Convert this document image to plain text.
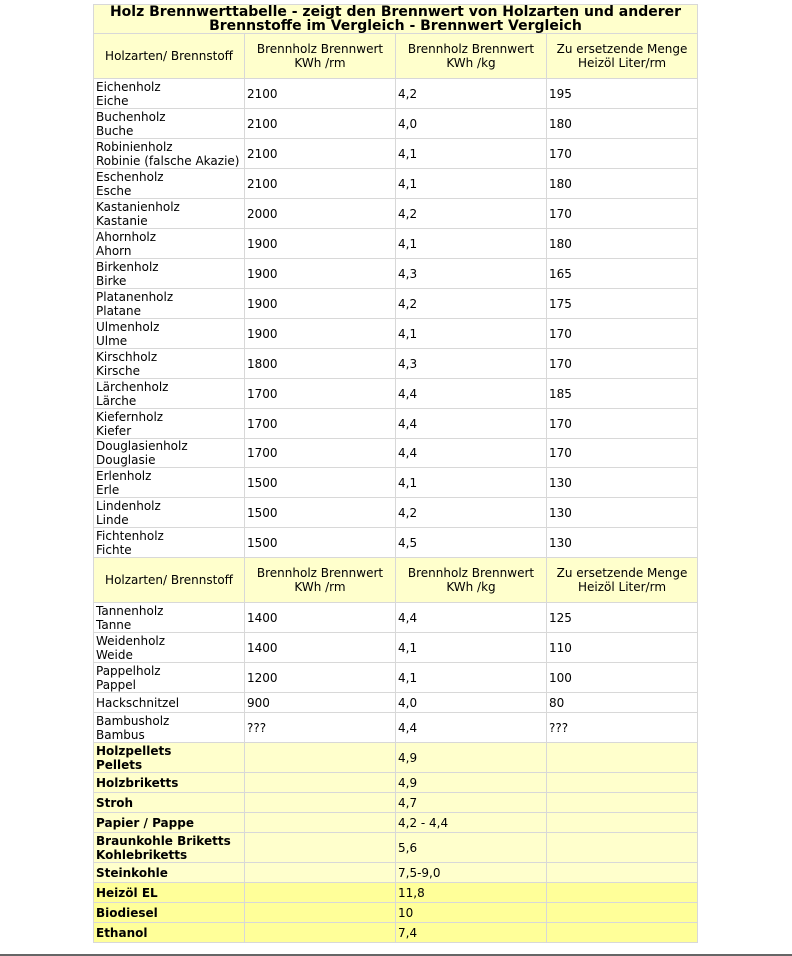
Holz Brennwerttabelle - zeigt den Brennwert von Holzarten und anderer Brennstoffe im Vergleich - Brennwert Vergleich			
Holzarten/ Brennstoff	Brennholz Brennwert KWh /rm	Brennholz Brennwert KWh /kg	Zu ersetzende Menge Heizöl Liter/rm

Eichenholz
Eiche	2100	4,2	195

Buchenholz
Buche	2100	4,0	180

Robinienholz
Robinie (falsche Akazie)	2100	4,1	170

Eschenholz
Esche	2100	4,1	180

Kastanienholz
Kastanie	2000	4,2	170

Ahornholz
Ahorn	1900	4,1	180

Birkenholz
Birke	1900	4,3	165

Platanenholz
Platane	1900	4,2	175

Ulmenholz
Ulme	1900	4,1	170

Kirschholz
Kirsche	1800	4,3	170

Lärchenholz
Lärche	1700	4,4	185

Kiefernholz
Kiefer	1700	4,4	170

Douglasienholz Douglasie	1700	4,4	170

Erlenholz
Erle	1500	4,1	130

Lindenholz
Linde	1500	4,2	130

Fichtenholz
Fichte	1500	4,5	130
Holzarten/ Brennstoff	Brennholz Brennwert KWh /rm	Brennholz Brennwert KWh /kg	Zu ersetzende Menge Heizöl Liter/rm

Tannenholz
Tanne	1400	4,4	125

Weidenholz
Weide	1400	4,1	110

Pappelholz
Pappel	1200	4,1	100

Hackschnitzel	900	4,0	80

Bambusholz
Bambus	???	4,4	???

Holzpellets
Pellets		4,9	

Holzbriketts		4,9	

Stroh		4,7	

Papier / Pappe		4,2 - 4,4	

Braunkohle Briketts
Kohlebriketts		5,6	

Steinkohle		7,5-9,0	

Heizöl EL		11,8	

Biodiesel		10	

Ethanol		7,4	
